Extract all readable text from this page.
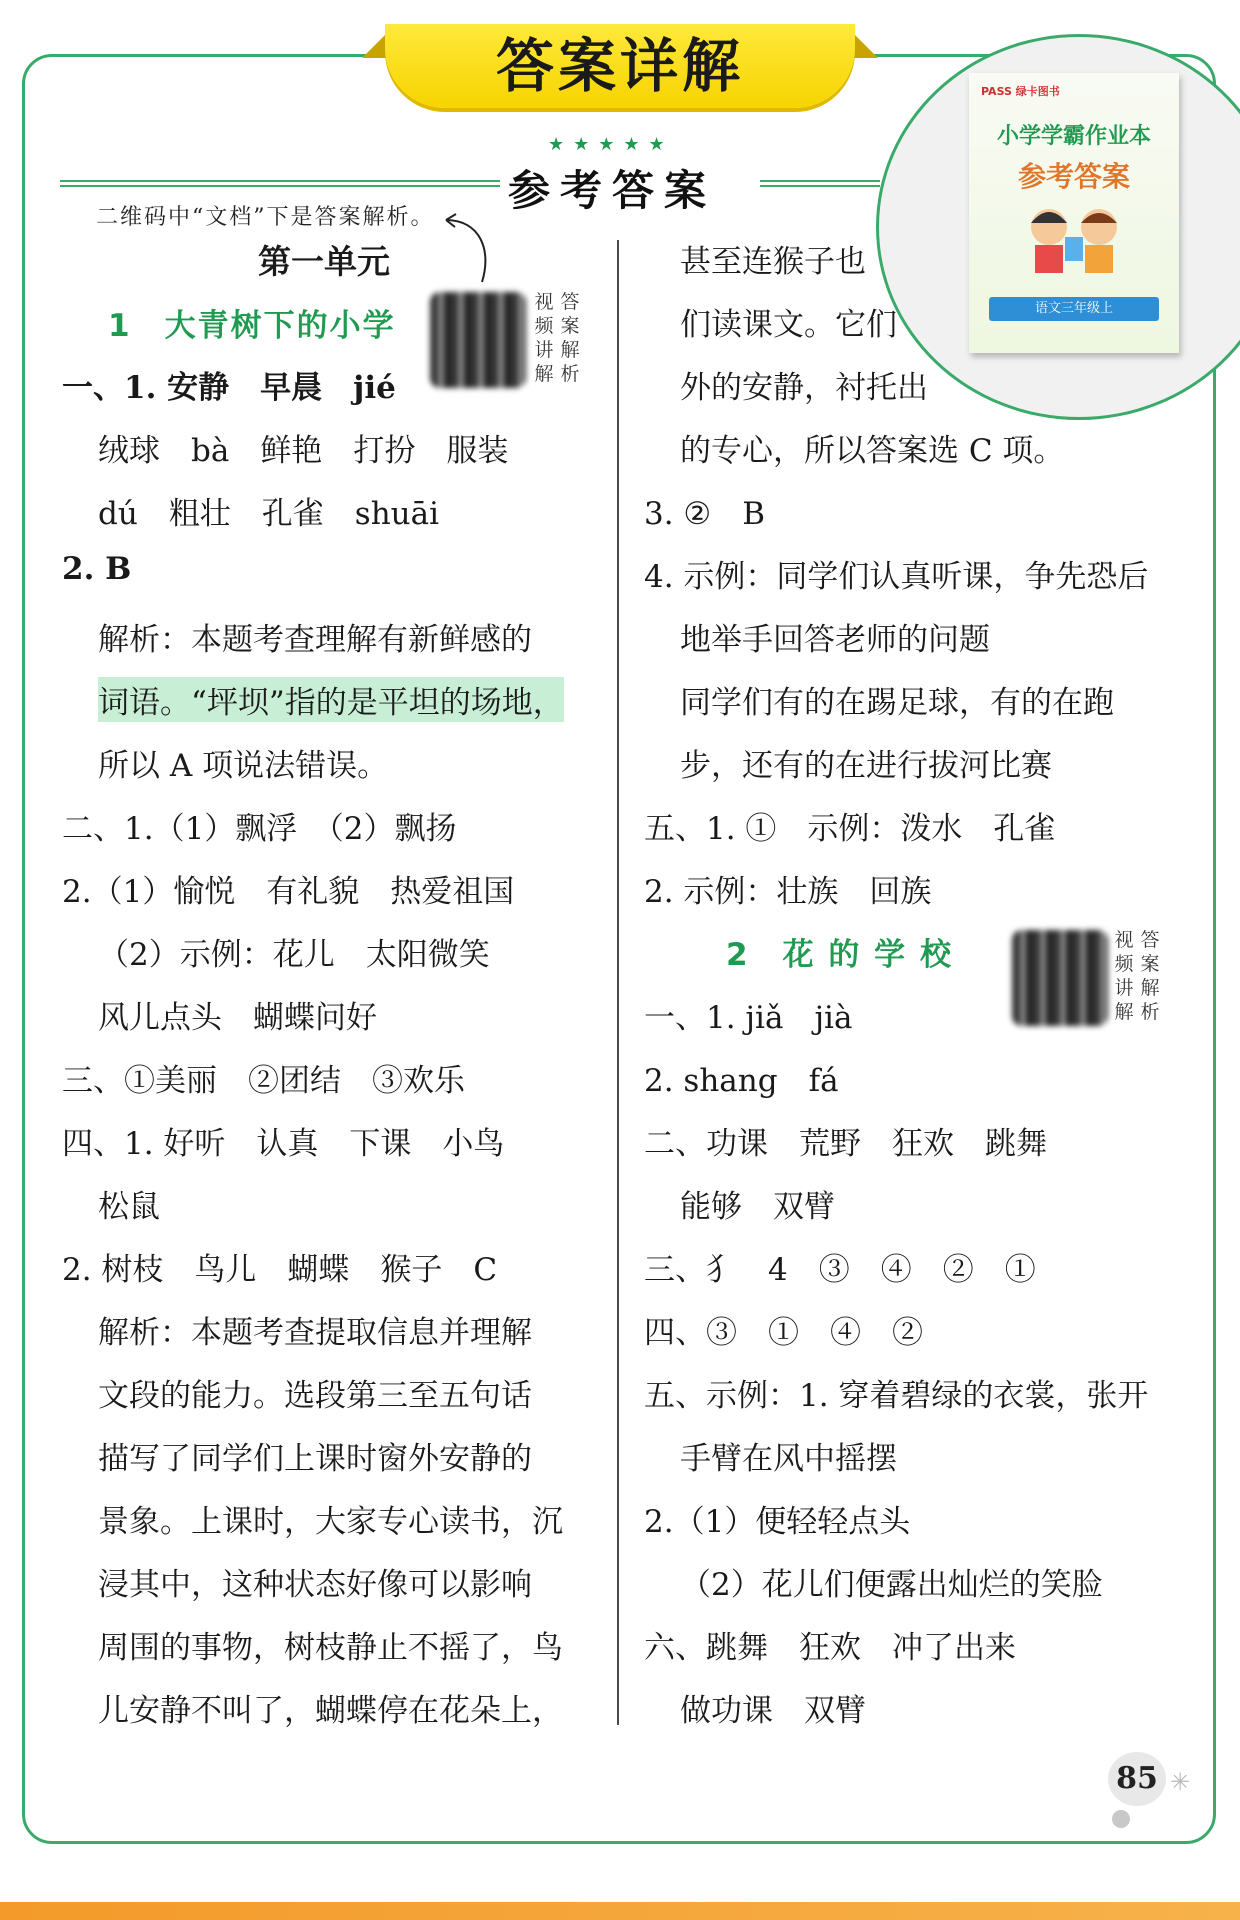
答案详解
★★★★★
参考答案
二维码中“文档”下是答案解析。
PASS 绿卡图书
小学学霸作业本
参考答案
语文三年级上
第一单元
1　大青树下的小学
视频讲解
答案解析
一、1. 安静　早晨　jié
绒球　bà　鲜艳　打扮　服装
dú　粗壮　孔雀　shuāi
2. B
解析：本题考查理解有新鲜感的
词语。“坪坝”指的是平坦的场地，
所以 A 项说法错误。
二、1.（1）飘浮　（2）飘扬
2.（1）愉悦　有礼貌　热爱祖国
（2）示例：花儿　太阳微笑
风儿点头　蝴蝶问好
三、①美丽　②团结　③欢乐
四、1. 好听　认真　下课　小鸟
松鼠
2. 树枝　鸟儿　蝴蝶　猴子　C
解析：本题考查提取信息并理解
文段的能力。选段第三至五句话
描写了同学们上课时窗外安静的
景象。上课时，大家专心读书，沉
浸其中，这种状态好像可以影响
周围的事物，树枝静止不摇了，鸟
儿安静不叫了，蝴蝶停在花朵上，
甚至连猴子也
们读课文。它们
外的安静，衬托出
的专心，所以答案选 C 项。
3. ②　B
4. 示例：同学们认真听课，争先恐后
地举手回答老师的问题
同学们有的在踢足球，有的在跑
步，还有的在进行拔河比赛
五、1. ①　示例：泼水　孔雀
2. 示例：壮族　回族
2　花 的 学 校	视频讲解
答案解析
一、1. jiǎ　jià
2. shang　fá
二、功课　荒野　狂欢　跳舞
能够　双臂
三、犭　4　③　④　②　①
四、③　①　④　②
五、示例：1. 穿着碧绿的衣裳，张开
手臂在风中摇摆
2.（1）便轻轻点头
（2）花儿们便露出灿烂的笑脸
六、跳舞　狂欢　冲了出来
做功课　双臂
85 ✳
